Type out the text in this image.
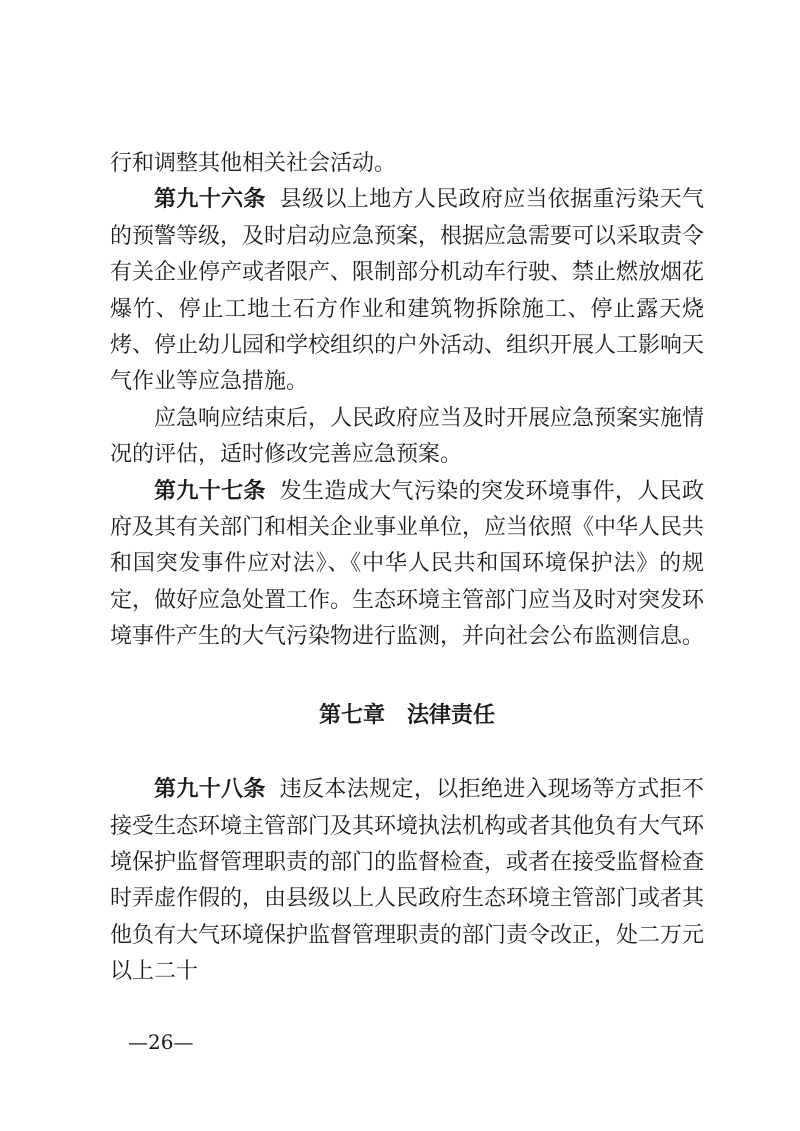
行和调整其他相关社会活动。

第九十六条 县级以上地方人民政府应当依据重污染天气的预警等级，及时启动应急预案，根据应急需要可以采取责令有关企业停产或者限产、限制部分机动车行驶、禁止燃放烟花爆竹、停止工地土石方作业和建筑物拆除施工、停止露天烧烤、停止幼儿园和学校组织的户外活动、组织开展人工影响天气作业等应急措施。

应急响应结束后，人民政府应当及时开展应急预案实施情况的评估，适时修改完善应急预案。

第九十七条 发生造成大气污染的突发环境事件，人民政府及其有关部门和相关企业事业单位，应当依照《中华人民共和国突发事件应对法》、《中华人民共和国环境保护法》的规定，做好应急处置工作。生态环境主管部门应当及时对突发环境事件产生的大气污染物进行监测，并向社会公布监测信息。

第七章　法律责任

第九十八条 违反本法规定，以拒绝进入现场等方式拒不接受生态环境主管部门及其环境执法机构或者其他负有大气环境保护监督管理职责的部门的监督检查，或者在接受监督检查时弄虚作假的，由县级以上人民政府生态环境主管部门或者其他负有大气环境保护监督管理职责的部门责令改正，处二万元以上二十

—26—
